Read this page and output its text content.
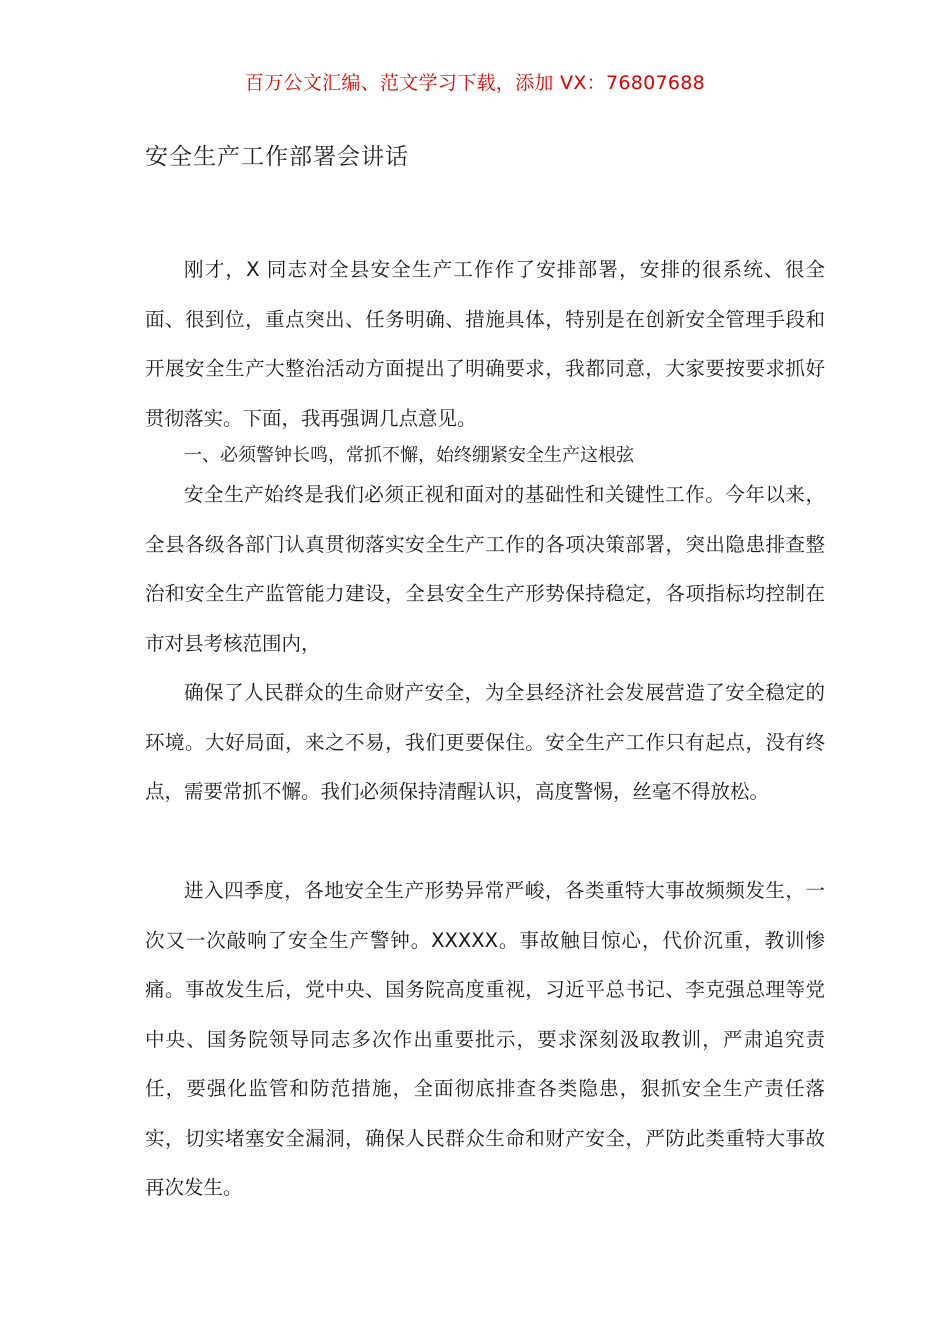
百万公文汇编、范文学习下载，添加 VX：76807688
安全生产工作部署会讲话

刚才，X 同志对全县安全生产工作作了安排部署，安排的很系统、很全面、很到位，重点突出、任务明确、措施具体，特别是在创新安全管理手段和开展安全生产大整治活动方面提出了明确要求，我都同意，大家要按要求抓好贯彻落实。下面，我再强调几点意见。

一、必须警钟长鸣，常抓不懈，始终绷紧安全生产这根弦

安全生产始终是我们必须正视和面对的基础性和关键性工作。今年以来，全县各级各部门认真贯彻落实安全生产工作的各项决策部署，突出隐患排查整治和安全生产监管能力建设，全县安全生产形势保持稳定，各项指标均控制在市对县考核范围内，

确保了人民群众的生命财产安全，为全县经济社会发展营造了安全稳定的环境。大好局面，来之不易，我们更要保住。安全生产工作只有起点，没有终点，需要常抓不懈。我们必须保持清醒认识，高度警惕，丝毫不得放松。

进入四季度，各地安全生产形势异常严峻，各类重特大事故频频发生，一次又一次敲响了安全生产警钟。XXXXX。事故触目惊心，代价沉重，教训惨痛。事故发生后，党中央、国务院高度重视，习近平总书记、李克强总理等党中央、国务院领导同志多次作出重要批示，要求深刻汲取教训，严肃追究责任，要强化监管和防范措施，全面彻底排查各类隐患，狠抓安全生产责任落实，切实堵塞安全漏洞，确保人民群众生命和财产安全，严防此类重特大事故再次发生。
